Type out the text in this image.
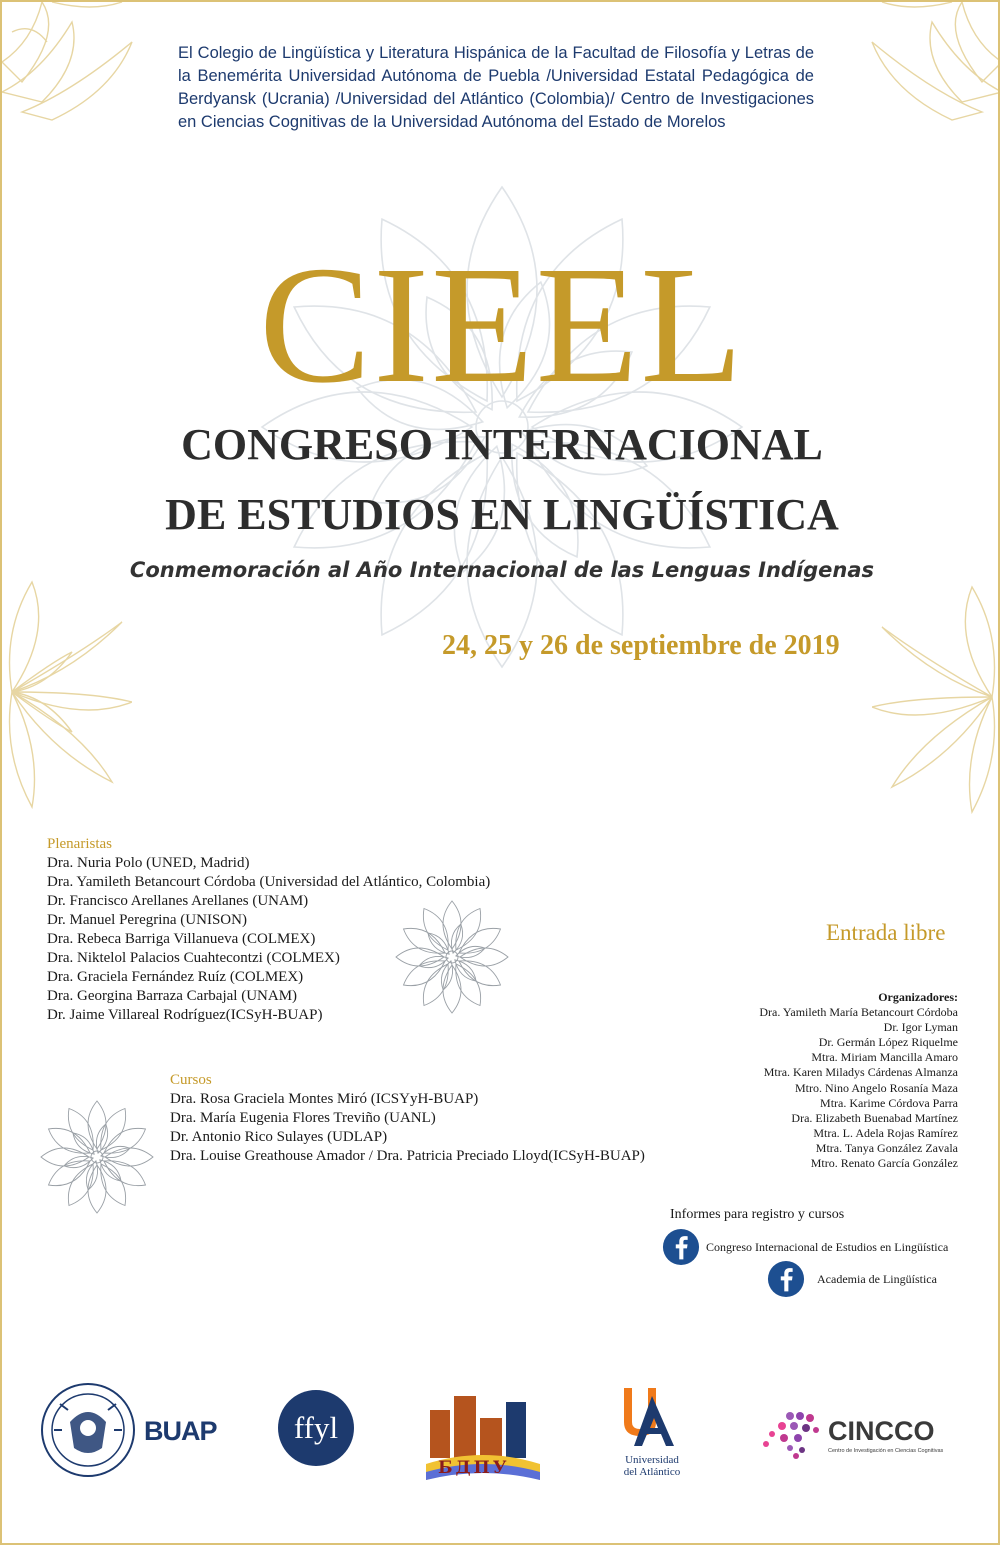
El Colegio de Lingüística y Literatura Hispánica de la Facultad de Filosofía y Letras de la Benemérita Universidad Autónoma de Puebla /Universidad Estatal Pedagógica de Berdyansk (Ucrania) /Universidad del Atlántico (Colombia)/ Centro de Investigaciones en Ciencias Cognitivas de la Universidad Autónoma del Estado de Morelos

CIEEL
CONGRESO INTERNACIONAL
DE ESTUDIOS EN LINGÜÍSTICA
Conmemoración al Año Internacional de las Lenguas Indígenas
24, 25 y 26 de septiembre de 2019
Plenaristas
Dra. Nuria Polo (UNED, Madrid)
Dra. Yamileth Betancourt Córdoba (Universidad del Atlántico, Colombia)
Dr. Francisco Arellanes Arellanes (UNAM)
Dr. Manuel Peregrina (UNISON)
Dra. Rebeca Barriga Villanueva (COLMEX)
Dra. Niktelol Palacios Cuahtecontzi (COLMEX)
Dra. Graciela Fernández Ruíz (COLMEX)
Dra. Georgina Barraza Carbajal (UNAM)
Dr. Jaime Villareal Rodríguez(ICSyH-BUAP)
Cursos
Dra. Rosa Graciela Montes Miró (ICSYyH-BUAP)
Dra. María Eugenia Flores Treviño (UANL)
Dr. Antonio Rico Sulayes (UDLAP)
Dra. Louise Greathouse Amador / Dra. Patricia Preciado Lloyd(ICSyH-BUAP)
Entrada libre
Organizadores:
Dra. Yamileth María Betancourt Córdoba
Dr. Igor Lyman
Dr. Germán López Riquelme
Mtra. Miriam Mancilla Amaro
Mtra. Karen Miladys Cárdenas Almanza
Mtro. Nino Angelo Rosanía Maza
Mtra. Karime Córdova Parra
Dra. Elizabeth Buenabad Martínez
Mtra. L. Adela Rojas Ramírez
Mtra. Tanya González Zavala
Mtro. Renato García González
Informes para registro y cursos
Congreso Internacional de Estudios en Lingüística
Academia de Lingüística
BUAP ffyl
БДПУ	Universidad
del Atlántico
CINCCO
Centro de Investigación en Ciencias Cognitivas
